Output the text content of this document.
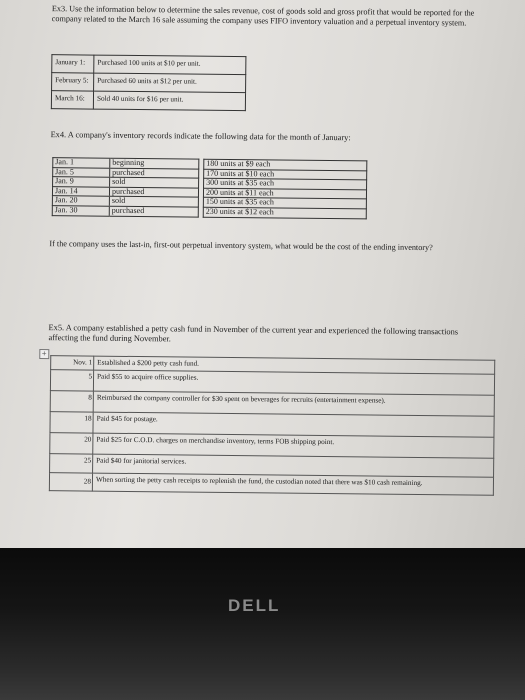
Ex3. Use the information below to determine the sales revenue, cost of goods sold and gross profit that would be reported for the company related to the March 16 sale assuming the company uses FIFO inventory valuation and a perpetual inventory system.
January 1:	Purchased 100 units at $10 per unit.
February 5:	Purchased 60 units at $12 per unit.
March 16:	Sold 40 units for $16 per unit.
Ex4. A company's inventory records indicate the following data for the month of January:
Jan. 1	beginning		180 units at $9 each
Jan. 5	purchased		170 units at $10 each
Jan. 9	sold		300 units at $35 each
Jan. 14	purchased		200 units at $11 each
Jan. 20	sold		150 units at $35 each
Jan. 30	purchased		230 units at $12 each
If the company uses the last-in, first-out perpetual inventory system, what would be the cost of the ending inventory?
Ex5. A company established a petty cash fund in November of the current year and experienced the following transactions affecting the fund during November.
+
Nov. 1	Established a $200 petty cash fund.
5	Paid $55 to acquire office supplies.
8	Reimbursed the company controller for $30 spent on beverages for recruits (entertainment expense).
18	Paid $45 for postage.
20	Paid $25 for C.O.D. charges on merchandise inventory, terms FOB shipping point.
25	Paid $40 for janitorial services.
28	When sorting the petty cash receipts to replenish the fund, the custodian noted that there was $10 cash remaining.
DELL
